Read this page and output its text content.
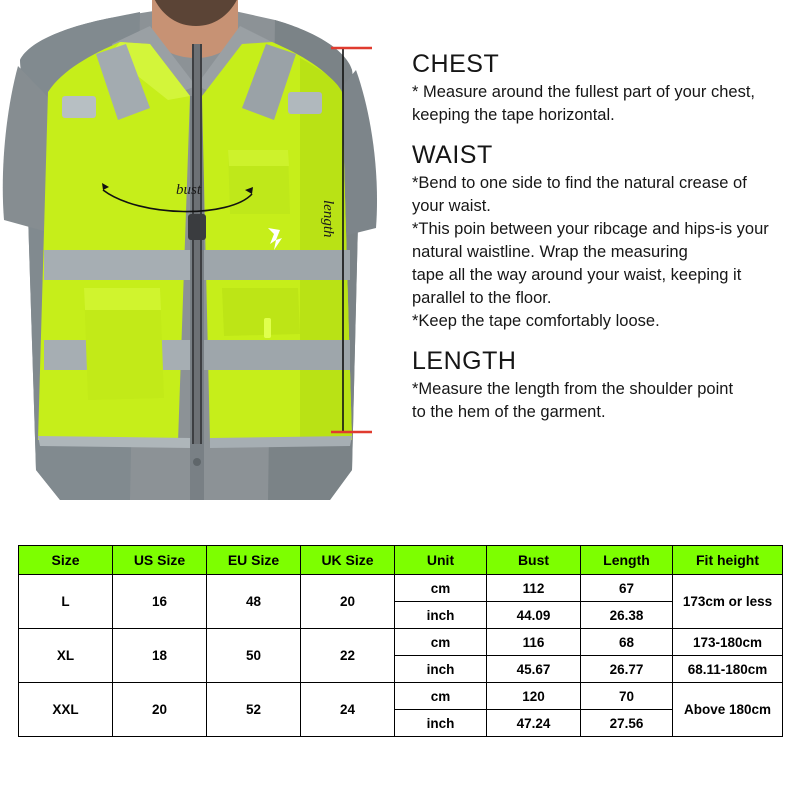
bust
length
CHEST

* Measure around the fullest part of your chest,
keeping the tape horizontal.

WAIST

*Bend to one side to find the natural crease of
your waist.
*This poin between your ribcage and hips-is your
natural waistline. Wrap the measuring
tape all the way around your waist, keeping it
parallel to the floor.
*Keep the tape comfortably loose.

LENGTH

*Measure the length from the shoulder point
to the hem of the garment.

Size	US Size	EU Size	UK Size	Unit	Bust	Length	Fit height
L	16	48	20	cm	112	67	173cm or less
				inch	44.09	26.38	
XL	18	50	22	cm	116	68	173-180cm
				inch	45.67	26.77	68.11-180cm
XXL	20	52	24	cm	120	70	Above 180cm
				inch	47.24	27.56	
